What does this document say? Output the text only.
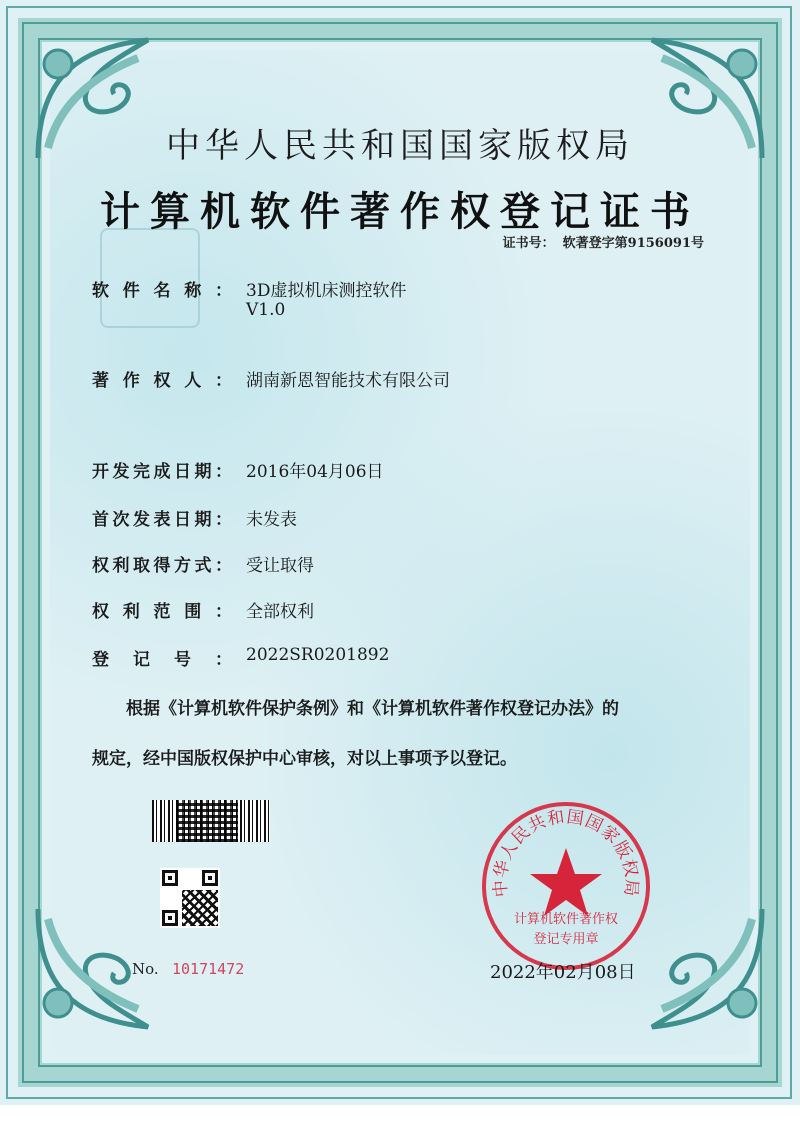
中华人民共和国国家版权局
计算机软件著作权登记证书
证书号： 软著登字第9156091号
软件名称： 3D虚拟机床测控软件
V1.0
著作权人： 湖南新恩智能技术有限公司
开发完成日期： 2016年04月06日
首次发表日期： 未发表
权利取得方式： 受让取得
权利范围： 全部权利
登记号： 2022SR0201892
根据《计算机软件保护条例》和《计算机软件著作权登记办法》的
规定，经中国版权保护中心审核，对以上事项予以登记。
No. 10171472
中华人民共和国国家版权局
计算机软件著作权
登记专用章
2022年02月08日
